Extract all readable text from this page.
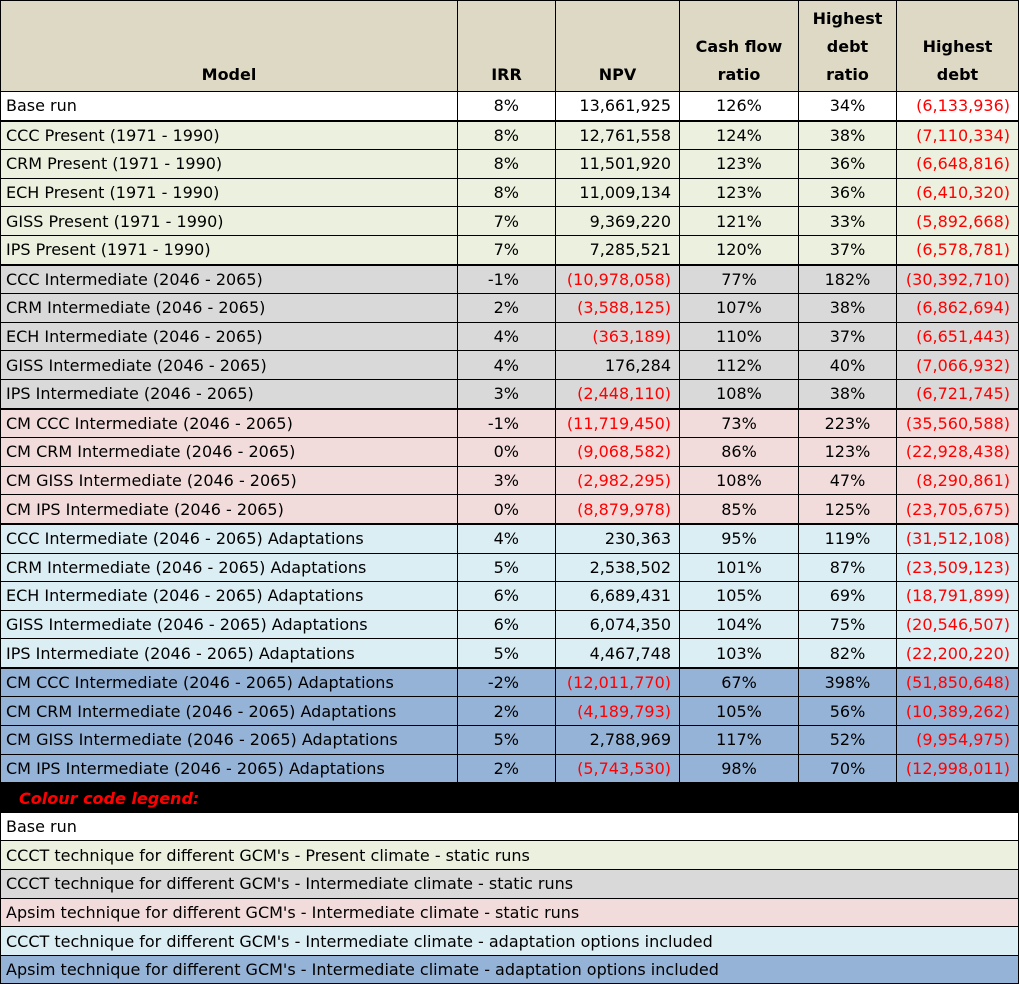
Model	IRR	NPV	Cash flow ratio	Highest debt ratio	Highest debt
Base run	8%	13,661,925	126%	34%	(6,133,936)
CCC Present (1971 - 1990)	8%	12,761,558	124%	38%	(7,110,334)
CRM Present (1971 - 1990)	8%	11,501,920	123%	36%	(6,648,816)
ECH Present (1971 - 1990)	8%	11,009,134	123%	36%	(6,410,320)
GISS Present (1971 - 1990)	7%	9,369,220	121%	33%	(5,892,668)
IPS Present (1971 - 1990)	7%	7,285,521	120%	37%	(6,578,781)
CCC Intermediate (2046 - 2065)	-1%	(10,978,058)	77%	182%	(30,392,710)
CRM Intermediate (2046 - 2065)	2%	(3,588,125)	107%	38%	(6,862,694)
ECH Intermediate (2046 - 2065)	4%	(363,189)	110%	37%	(6,651,443)
GISS Intermediate (2046 - 2065)	4%	176,284	112%	40%	(7,066,932)
IPS Intermediate (2046 - 2065)	3%	(2,448,110)	108%	38%	(6,721,745)
CM CCC Intermediate (2046 - 2065)	-1%	(11,719,450)	73%	223%	(35,560,588)
CM CRM Intermediate (2046 - 2065)	0%	(9,068,582)	86%	123%	(22,928,438)
CM GISS Intermediate (2046 - 2065)	3%	(2,982,295)	108%	47%	(8,290,861)
CM IPS Intermediate (2046 - 2065)	0%	(8,879,978)	85%	125%	(23,705,675)
CCC Intermediate (2046 - 2065) Adaptations	4%	230,363	95%	119%	(31,512,108)
CRM Intermediate (2046 - 2065) Adaptations	5%	2,538,502	101%	87%	(23,509,123)
ECH Intermediate (2046 - 2065) Adaptations	6%	6,689,431	105%	69%	(18,791,899)
GISS Intermediate (2046 - 2065) Adaptations	6%	6,074,350	104%	75%	(20,546,507)
IPS Intermediate (2046 - 2065) Adaptations	5%	4,467,748	103%	82%	(22,200,220)
CM CCC Intermediate (2046 - 2065) Adaptations	-2%	(12,011,770)	67%	398%	(51,850,648)
CM CRM Intermediate (2046 - 2065) Adaptations	2%	(4,189,793)	105%	56%	(10,389,262)
CM GISS Intermediate (2046 - 2065) Adaptations	5%	2,788,969	117%	52%	(9,954,975)
CM IPS Intermediate (2046 - 2065) Adaptations	2%	(5,743,530)	98%	70%	(12,998,011)
Colour code legend:					
Base run					
CCCT technique for different GCM's - Present climate - static runs					
CCCT technique for different GCM's - Intermediate climate - static runs					
Apsim technique for different GCM's - Intermediate climate - static runs					
CCCT technique for different GCM's - Intermediate climate - adaptation options included					
Apsim technique for different GCM's - Intermediate climate - adaptation options included					
